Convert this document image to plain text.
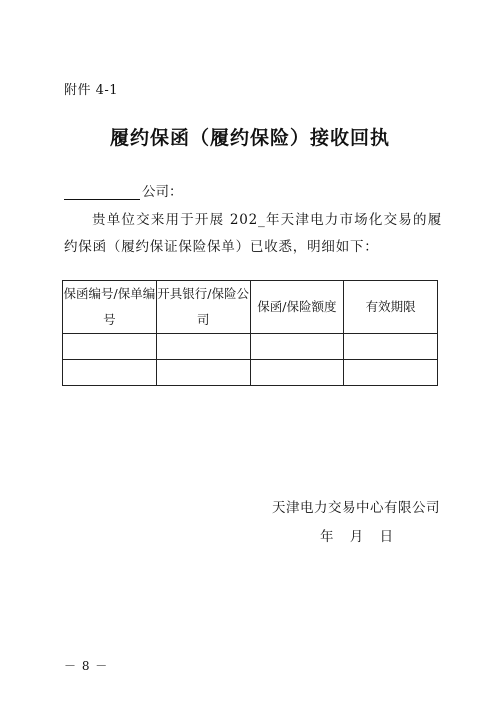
附件 4-1
履约保函（履约保险）接收回执
公司：
贵单位交来用于开展 202_年天津电力市场化交易的履约保函（履约保证保险保单）已收悉，明细如下：
保函编号/保单编号	开具银行/保险公司	保函/保险额度	有效期限

天津电力交易中心有限公司
年 月 日
－ 8 －
